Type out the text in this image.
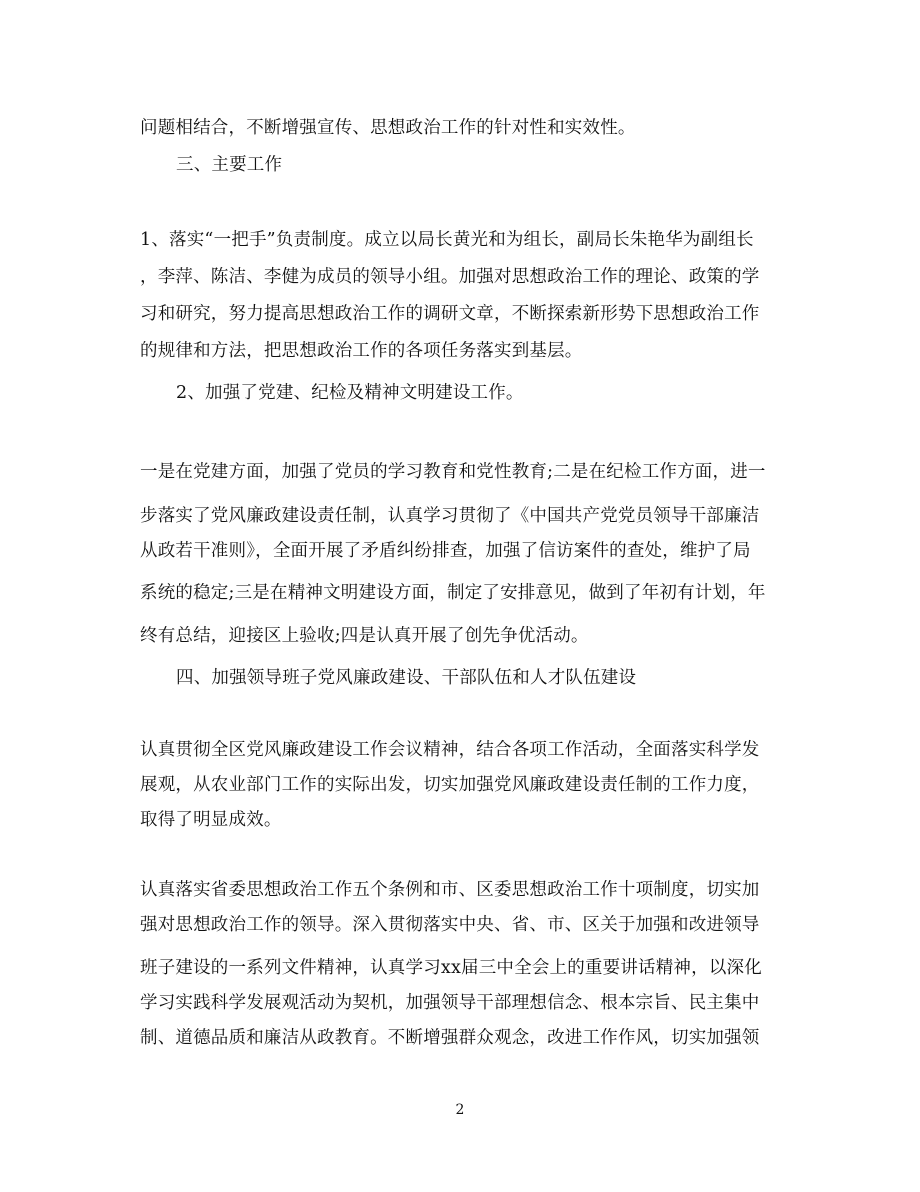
问题相结合，不断增强宣传、思想政治工作的针对性和实效性。
三、主要工作
1、落实“一把手”负责制度。成立以局长黄光和为组长，副局长朱艳华为副组长
，李萍、陈洁、李健为成员的领导小组。加强对思想政治工作的理论、政策的学
习和研究，努力提高思想政治工作的调研文章，不断探索新形势下思想政治工作
的规律和方法，把思想政治工作的各项任务落实到基层。
2、加强了党建、纪检及精神文明建设工作。
一是在党建方面，加强了党员的学习教育和党性教育;二是在纪检工作方面，进一
步落实了党风廉政建设责任制，认真学习贯彻了《中国共产党党员领导干部廉洁
从政若干准则》，全面开展了矛盾纠纷排查，加强了信访案件的查处，维护了局
系统的稳定;三是在精神文明建设方面，制定了安排意见，做到了年初有计划，年
终有总结，迎接区上验收;四是认真开展了创先争优活动。
四、加强领导班子党风廉政建设、干部队伍和人才队伍建设
认真贯彻全区党风廉政建设工作会议精神，结合各项工作活动，全面落实科学发
展观，从农业部门工作的实际出发，切实加强党风廉政建设责任制的工作力度，
取得了明显成效。
认真落实省委思想政治工作五个条例和市、区委思想政治工作十项制度，切实加
强对思想政治工作的领导。深入贯彻落实中央、省、市、区关于加强和改进领导
班子建设的一系列文件精神，认真学习xx届三中全会上的重要讲话精神，以深化
学习实践科学发展观活动为契机，加强领导干部理想信念、根本宗旨、民主集中
制、道德品质和廉洁从政教育。不断增强群众观念，改进工作作风，切实加强领
2
